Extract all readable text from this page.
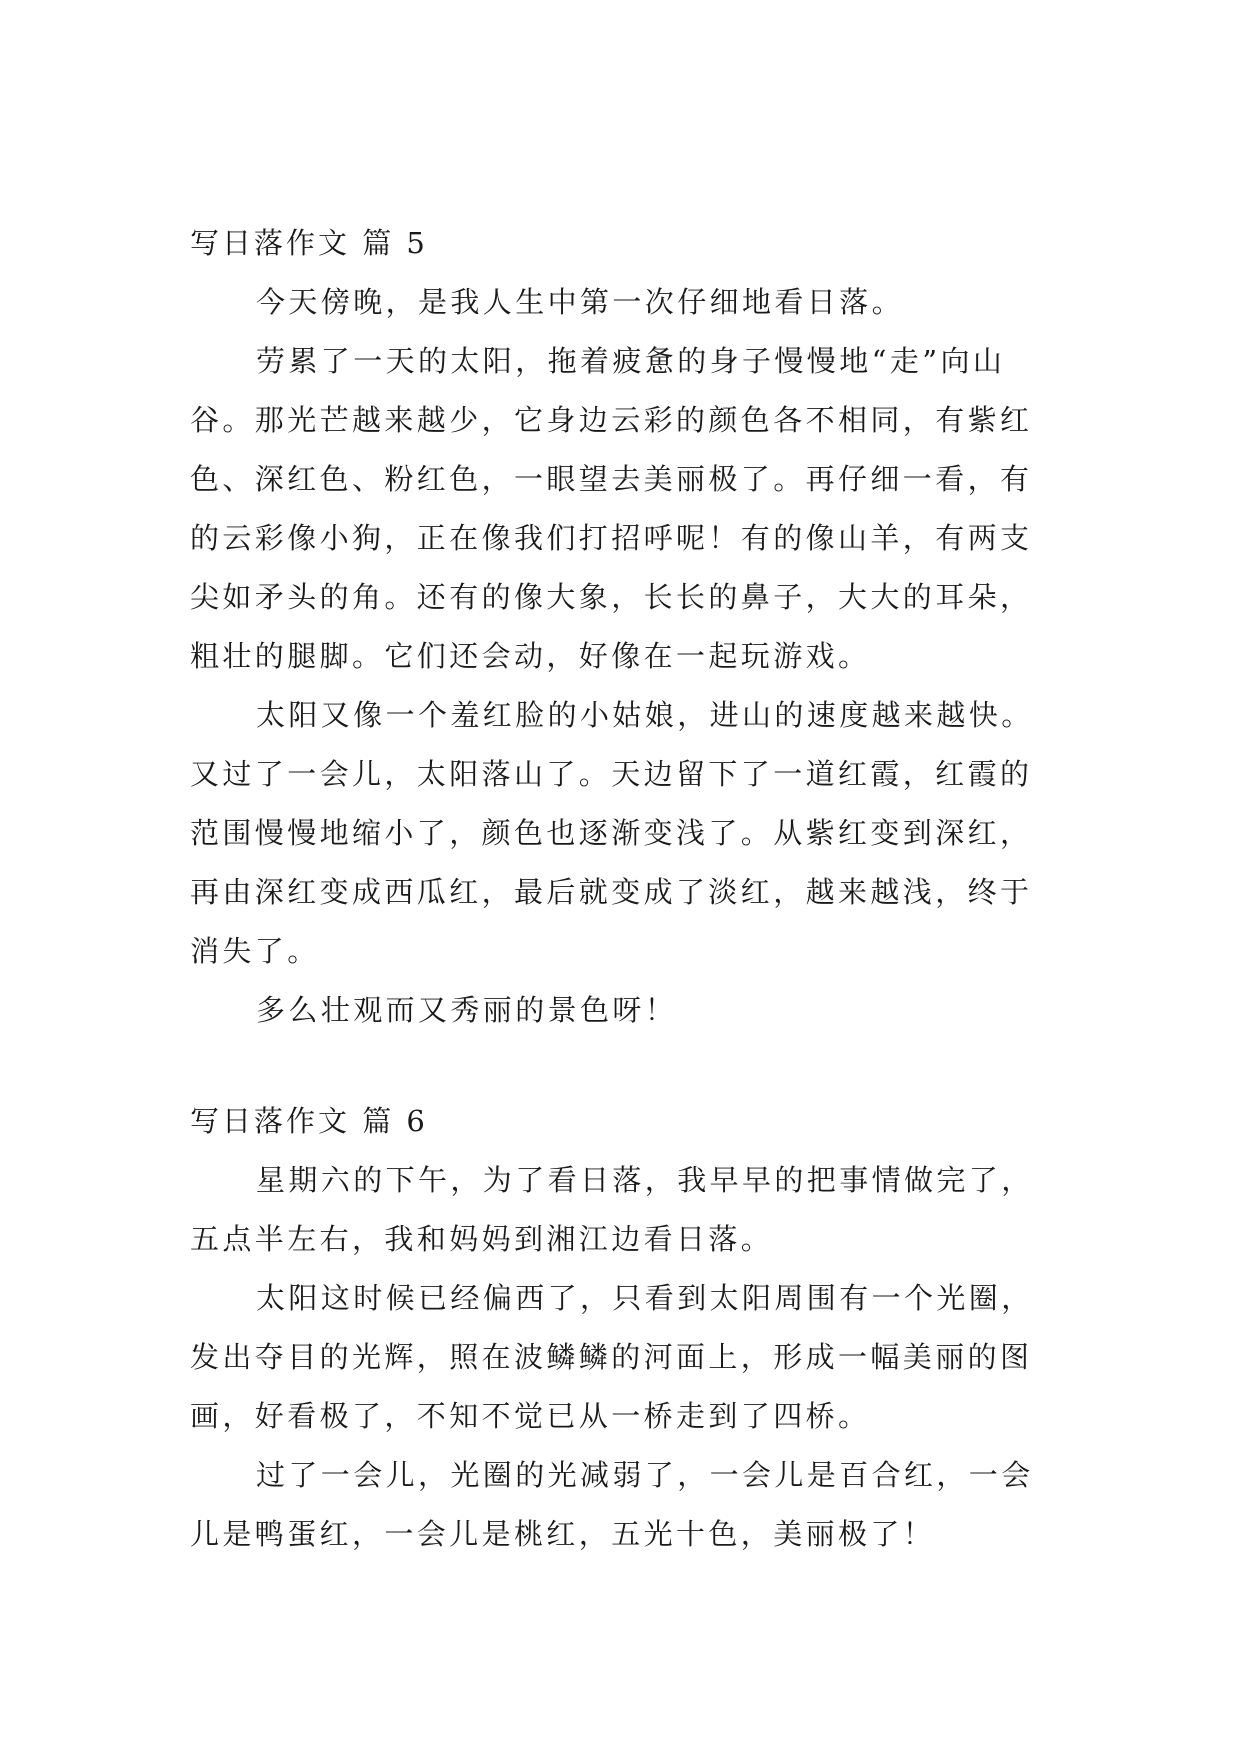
写日落作文 篇 5
今天傍晚，是我人生中第一次仔细地看日落。
劳累了一天的太阳，拖着疲惫的身子慢慢地“走”向山
谷。那光芒越来越少，它身边云彩的颜色各不相同，有紫红
色、深红色、粉红色，一眼望去美丽极了。再仔细一看，有
的云彩像小狗，正在像我们打招呼呢！有的像山羊，有两支
尖如矛头的角。还有的像大象，长长的鼻子，大大的耳朵，
粗壮的腿脚。它们还会动，好像在一起玩游戏。
太阳又像一个羞红脸的小姑娘，进山的速度越来越快。
又过了一会儿，太阳落山了。天边留下了一道红霞，红霞的
范围慢慢地缩小了，颜色也逐渐变浅了。从紫红变到深红，
再由深红变成西瓜红，最后就变成了淡红，越来越浅，终于
消失了。
多么壮观而又秀丽的景色呀！
写日落作文 篇 6
星期六的下午，为了看日落，我早早的把事情做完了，
五点半左右，我和妈妈到湘江边看日落。
太阳这时候已经偏西了，只看到太阳周围有一个光圈，
发出夺目的光辉，照在波鳞鳞的河面上，形成一幅美丽的图
画，好看极了，不知不觉已从一桥走到了四桥。
过了一会儿，光圈的光减弱了，一会儿是百合红，一会
儿是鸭蛋红，一会儿是桃红，五光十色，美丽极了！
